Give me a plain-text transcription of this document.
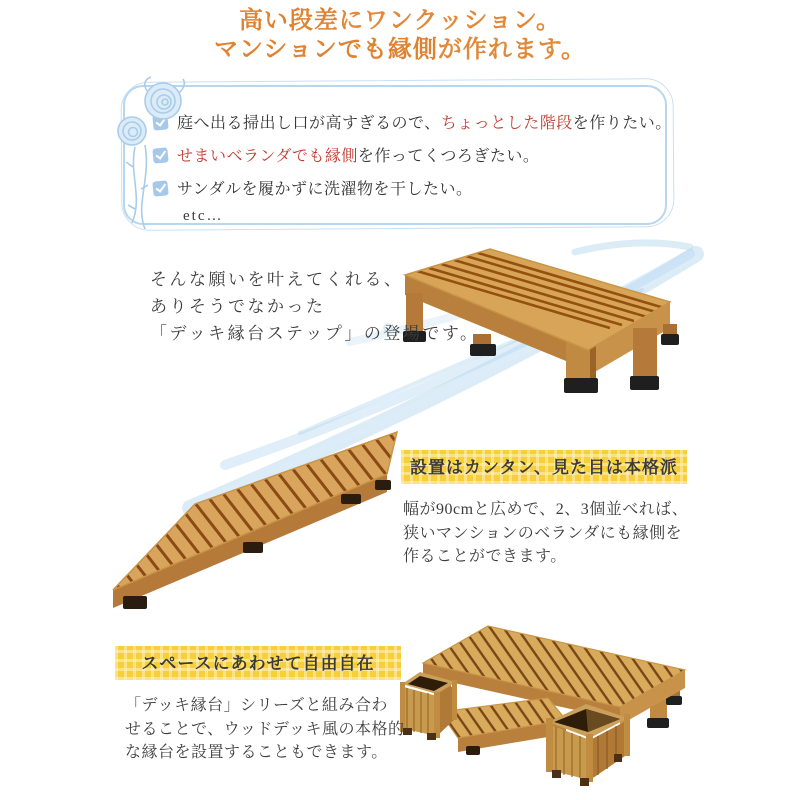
高い段差にワンクッション。
マンションでも縁側が作れます。
庭へ出る掃出し口が高すぎるので、ちょっとした階段を作りたい。
せまいベランダでも縁側を作ってくつろぎたい。
サンダルを履かずに洗濯物を干したい。
etc…
そんな願いを叶えてくれる、
ありそうでなかった
「デッキ縁台ステップ」の登場です。
設置はカンタン、見た目は本格派
幅が90cmと広めで、2、3個並べれば、
狭いマンションのベランダにも縁側を
作ることができます。
スペースにあわせて自由自在
「デッキ縁台」シリーズと組み合わ
せることで、ウッドデッキ風の本格的
な縁台を設置することもできます。
